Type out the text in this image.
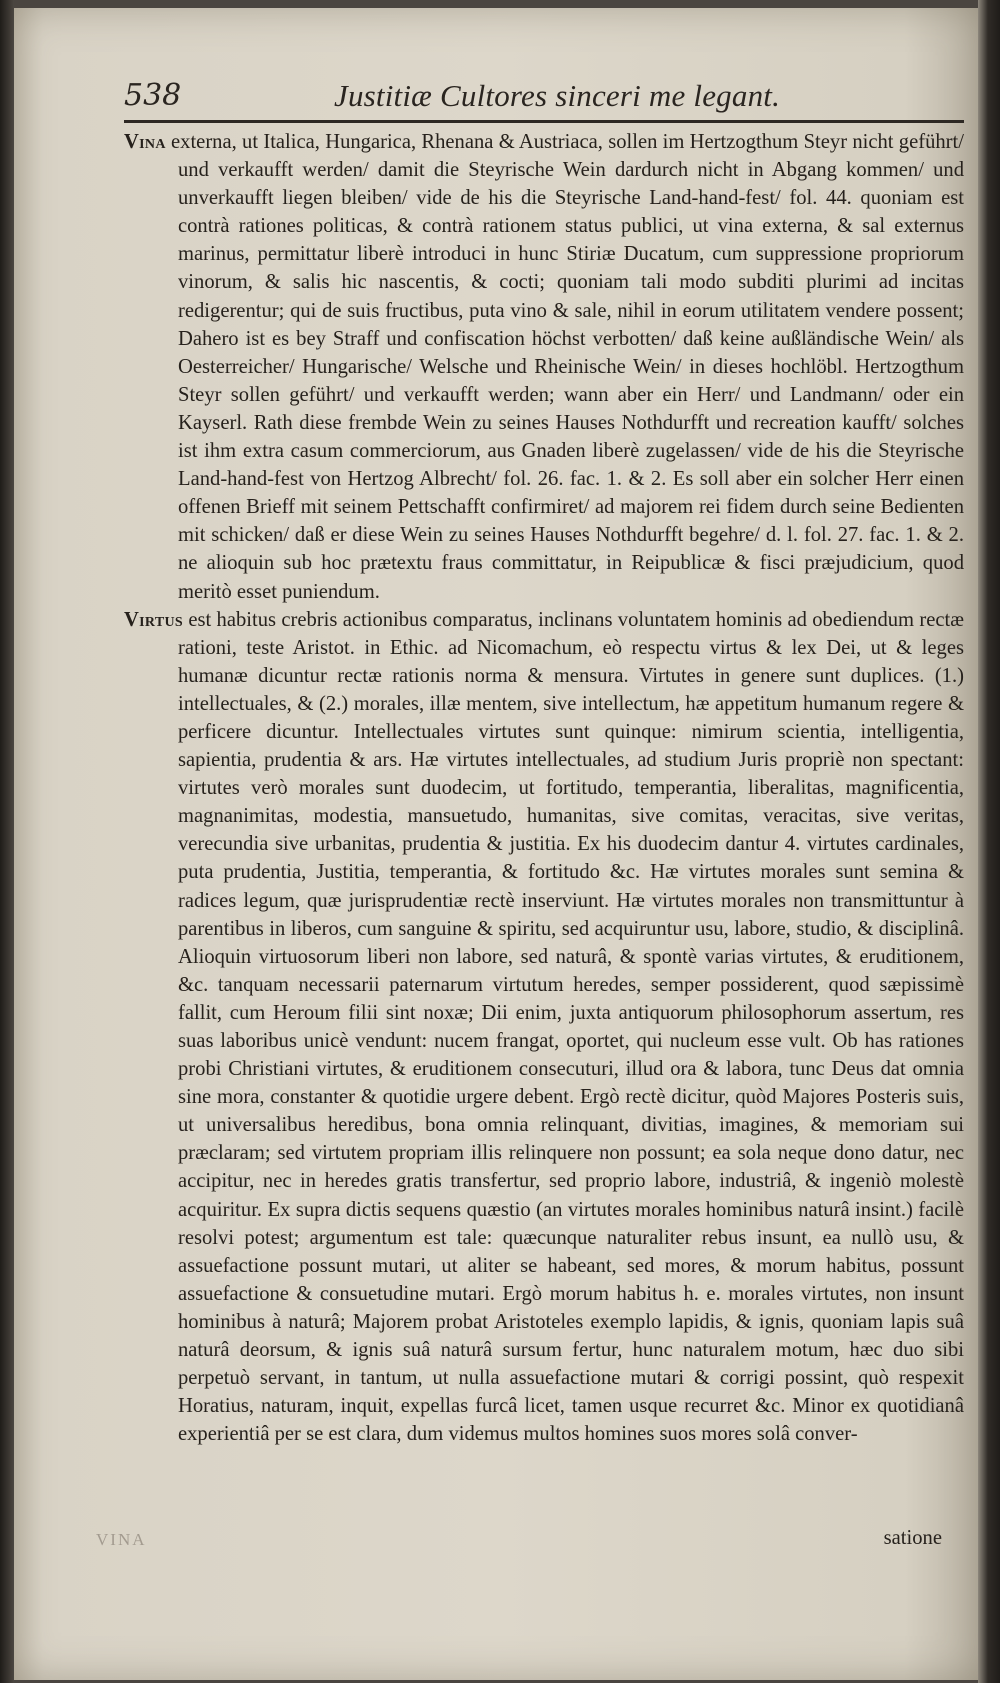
538	Justitiæ Cultores sinceri me legant.

Vina externa, ut Italica, Hungarica, Rhenana & Austriaca, sollen im Hertzogthum Steyr nicht geführt/ und verkaufft werden/ damit die Steyrische Wein dardurch nicht in Abgang kommen/ und unverkaufft liegen bleiben/ vide de his die Steyrische Land-hand-fest/ fol. 44. quoniam est contrà rationes politicas, & contrà rationem status publici, ut vina externa, & sal externus marinus, permittatur liberè introduci in hunc Stiriæ Ducatum, cum suppressione propriorum vinorum, & salis hic nascentis, & cocti; quoniam tali modo subditi plurimi ad incitas redigerentur; qui de suis fructibus, puta vino & sale, nihil in eorum utilitatem vendere possent; Dahero ist es bey Straff und confiscation höchst verbotten/ daß keine außländische Wein/ als Oesterreicher/ Hungarische/ Welsche und Rheinische Wein/ in dieses hochlöbl. Hertzogthum Steyr sollen geführt/ und verkaufft werden; wann aber ein Herr/ und Landmann/ oder ein Kayserl. Rath diese frembde Wein zu seines Hauses Nothdurfft und recreation kaufft/ solches ist ihm extra casum commerciorum, aus Gnaden liberè zugelassen/ vide de his die Steyrische Land-hand-fest von Hertzog Albrecht/ fol. 26. fac. 1. & 2. Es soll aber ein solcher Herr einen offenen Brieff mit seinem Pettschafft confirmiret/ ad majorem rei fidem durch seine Bedienten mit schicken/ daß er diese Wein zu seines Hauses Nothdurfft begehre/ d. l. fol. 27. fac. 1. & 2. ne alioquin sub hoc prætextu fraus committatur, in Reipublicæ & fisci præjudicium, quod meritò esset puniendum.

Virtus est habitus crebris actionibus comparatus, inclinans voluntatem hominis ad obediendum rectæ rationi, teste Aristot. in Ethic. ad Nicomachum, eò respectu virtus & lex Dei, ut & leges humanæ dicuntur rectæ rationis norma & mensura. Virtutes in genere sunt duplices. (1.) intellectuales, & (2.) morales, illæ mentem, sive intellectum, hæ appetitum humanum regere & perficere dicuntur. Intellectuales virtutes sunt quinque: nimirum scientia, intelligentia, sapientia, prudentia & ars. Hæ virtutes intellectuales, ad studium Juris propriè non spectant: virtutes verò morales sunt duodecim, ut fortitudo, temperantia, liberalitas, magnificentia, magnanimitas, modestia, mansuetudo, humanitas, sive comitas, veracitas, sive veritas, verecundia sive urbanitas, prudentia & justitia. Ex his duodecim dantur 4. virtutes cardinales, puta prudentia, Justitia, temperantia, & fortitudo &c. Hæ virtutes morales sunt semina & radices legum, quæ jurisprudentiæ rectè inserviunt. Hæ virtutes morales non transmittuntur à parentibus in liberos, cum sanguine & spiritu, sed acquiruntur usu, labore, studio, & disciplinâ. Alioquin virtuosorum liberi non labore, sed naturâ, & spontè varias virtutes, & eruditionem, &c. tanquam necessarii paternarum virtutum heredes, semper possiderent, quod sæpissimè fallit, cum Heroum filii sint noxæ; Dii enim, juxta antiquorum philosophorum assertum, res suas laboribus unicè vendunt: nucem frangat, oportet, qui nucleum esse vult. Ob has rationes probi Christiani virtutes, & eruditionem consecuturi, illud ora & labora, tunc Deus dat omnia sine mora, constanter & quotidie urgere debent. Ergò rectè dicitur, quòd Majores Posteris suis, ut universalibus heredibus, bona omnia relinquant, divitias, imagines, & memoriam sui præclaram; sed virtutem propriam illis relinquere non possunt; ea sola neque dono datur, nec accipitur, nec in heredes gratis transfertur, sed proprio labore, industriâ, & ingeniò molestè acquiritur. Ex supra dictis sequens quæstio (an virtutes morales hominibus naturâ insint.) facilè resolvi potest; argumentum est tale: quæcunque naturaliter rebus insunt, ea nullò usu, & assuefactione possunt mutari, ut aliter se habeant, sed mores, & morum habitus, possunt assuefactione & consuetudine mutari. Ergò morum habitus h. e. morales virtutes, non insunt hominibus à naturâ; Majorem probat Aristoteles exemplo lapidis, & ignis, quoniam lapis suâ naturâ deorsum, & ignis suâ naturâ sursum fertur, hunc naturalem motum, hæc duo sibi perpetuò servant, in tantum, ut nulla assuefactione mutari & corrigi possint, quò respexit Horatius, naturam, inquit, expellas furcâ licet, tamen usque recurret &c. Minor ex quotidianâ experientiâ per se est clara, dum videmus multos homines suos mores solâ conver-

VINA	satione
